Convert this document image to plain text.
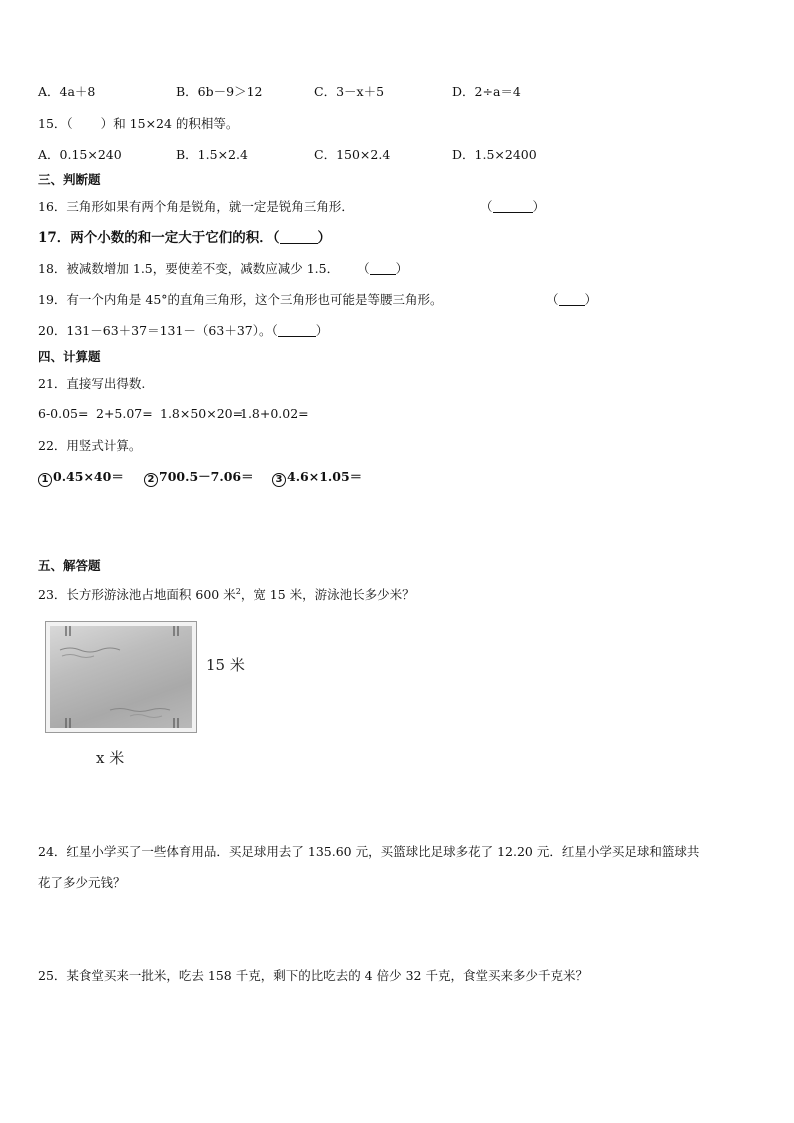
A．4a＋8	B．6b－9＞12	C．3－x＋5	D．2÷a＝4
15．（ ）和 15×24 的积相等。
A．0.15×240	B．1.5×2.4	C．150×2.4	D．1.5×2400
三、判断题
16．三角形如果有两个角是锐角，就一定是锐角三角形．	（	）
17．两个小数的和一定大于它们的积．（	）
18．被减数增加 1.5，要使差不变，减数应减少 1.5． （ ）
19．有一个内角是 45°的直角三角形，这个三角形也可能是等腰三角形。	（ ）
20．131－63＋37＝131－（63＋37）。（	）
四、计算题
21．直接写出得数.
6-0.05= 2+5.07= 1.8×50×20=
1.8+0.02=
22．用竖式计算。
1 0.45×40＝	2 700.5－7.06＝	3 4.6×1.05＝
五、解答题
23．长方形游泳池占地面积 600 米$^2$，宽 15 米，游泳池长多少米？
15 米
x 米
24．红星小学买了一些体育用品．买足球用去了 135.60 元，买篮球比足球多花了 12.20 元．红星小学买足球和篮球共
花了多少元钱？
25．某食堂买来一批米，吃去 158 千克，剩下的比吃去的 4 倍少 32 千克，食堂买来多少千克米？
